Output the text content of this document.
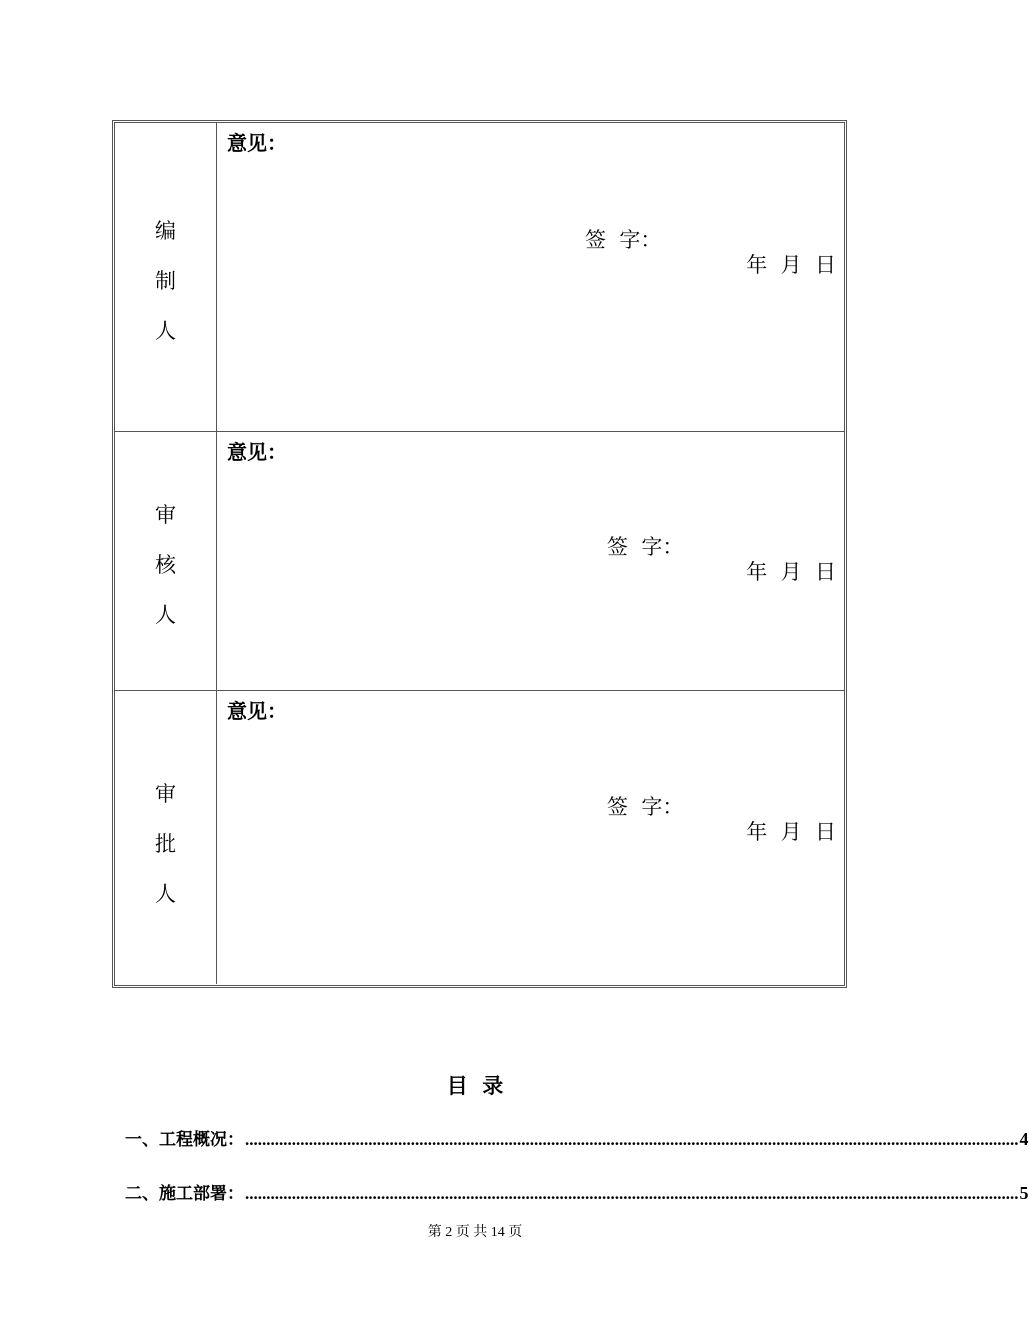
编
制
人
意见：
签  字：
年  月  日
审
核
人
意见：
签  字：
年  月  日
审
批
人
意见：
签  字：
年  月  日
目  录
一、工程概况： ...................................................................................................................................................................................... 4
二、施工部署： ...................................................................................................................................................................................... 5
第 2 页 共 14 页
